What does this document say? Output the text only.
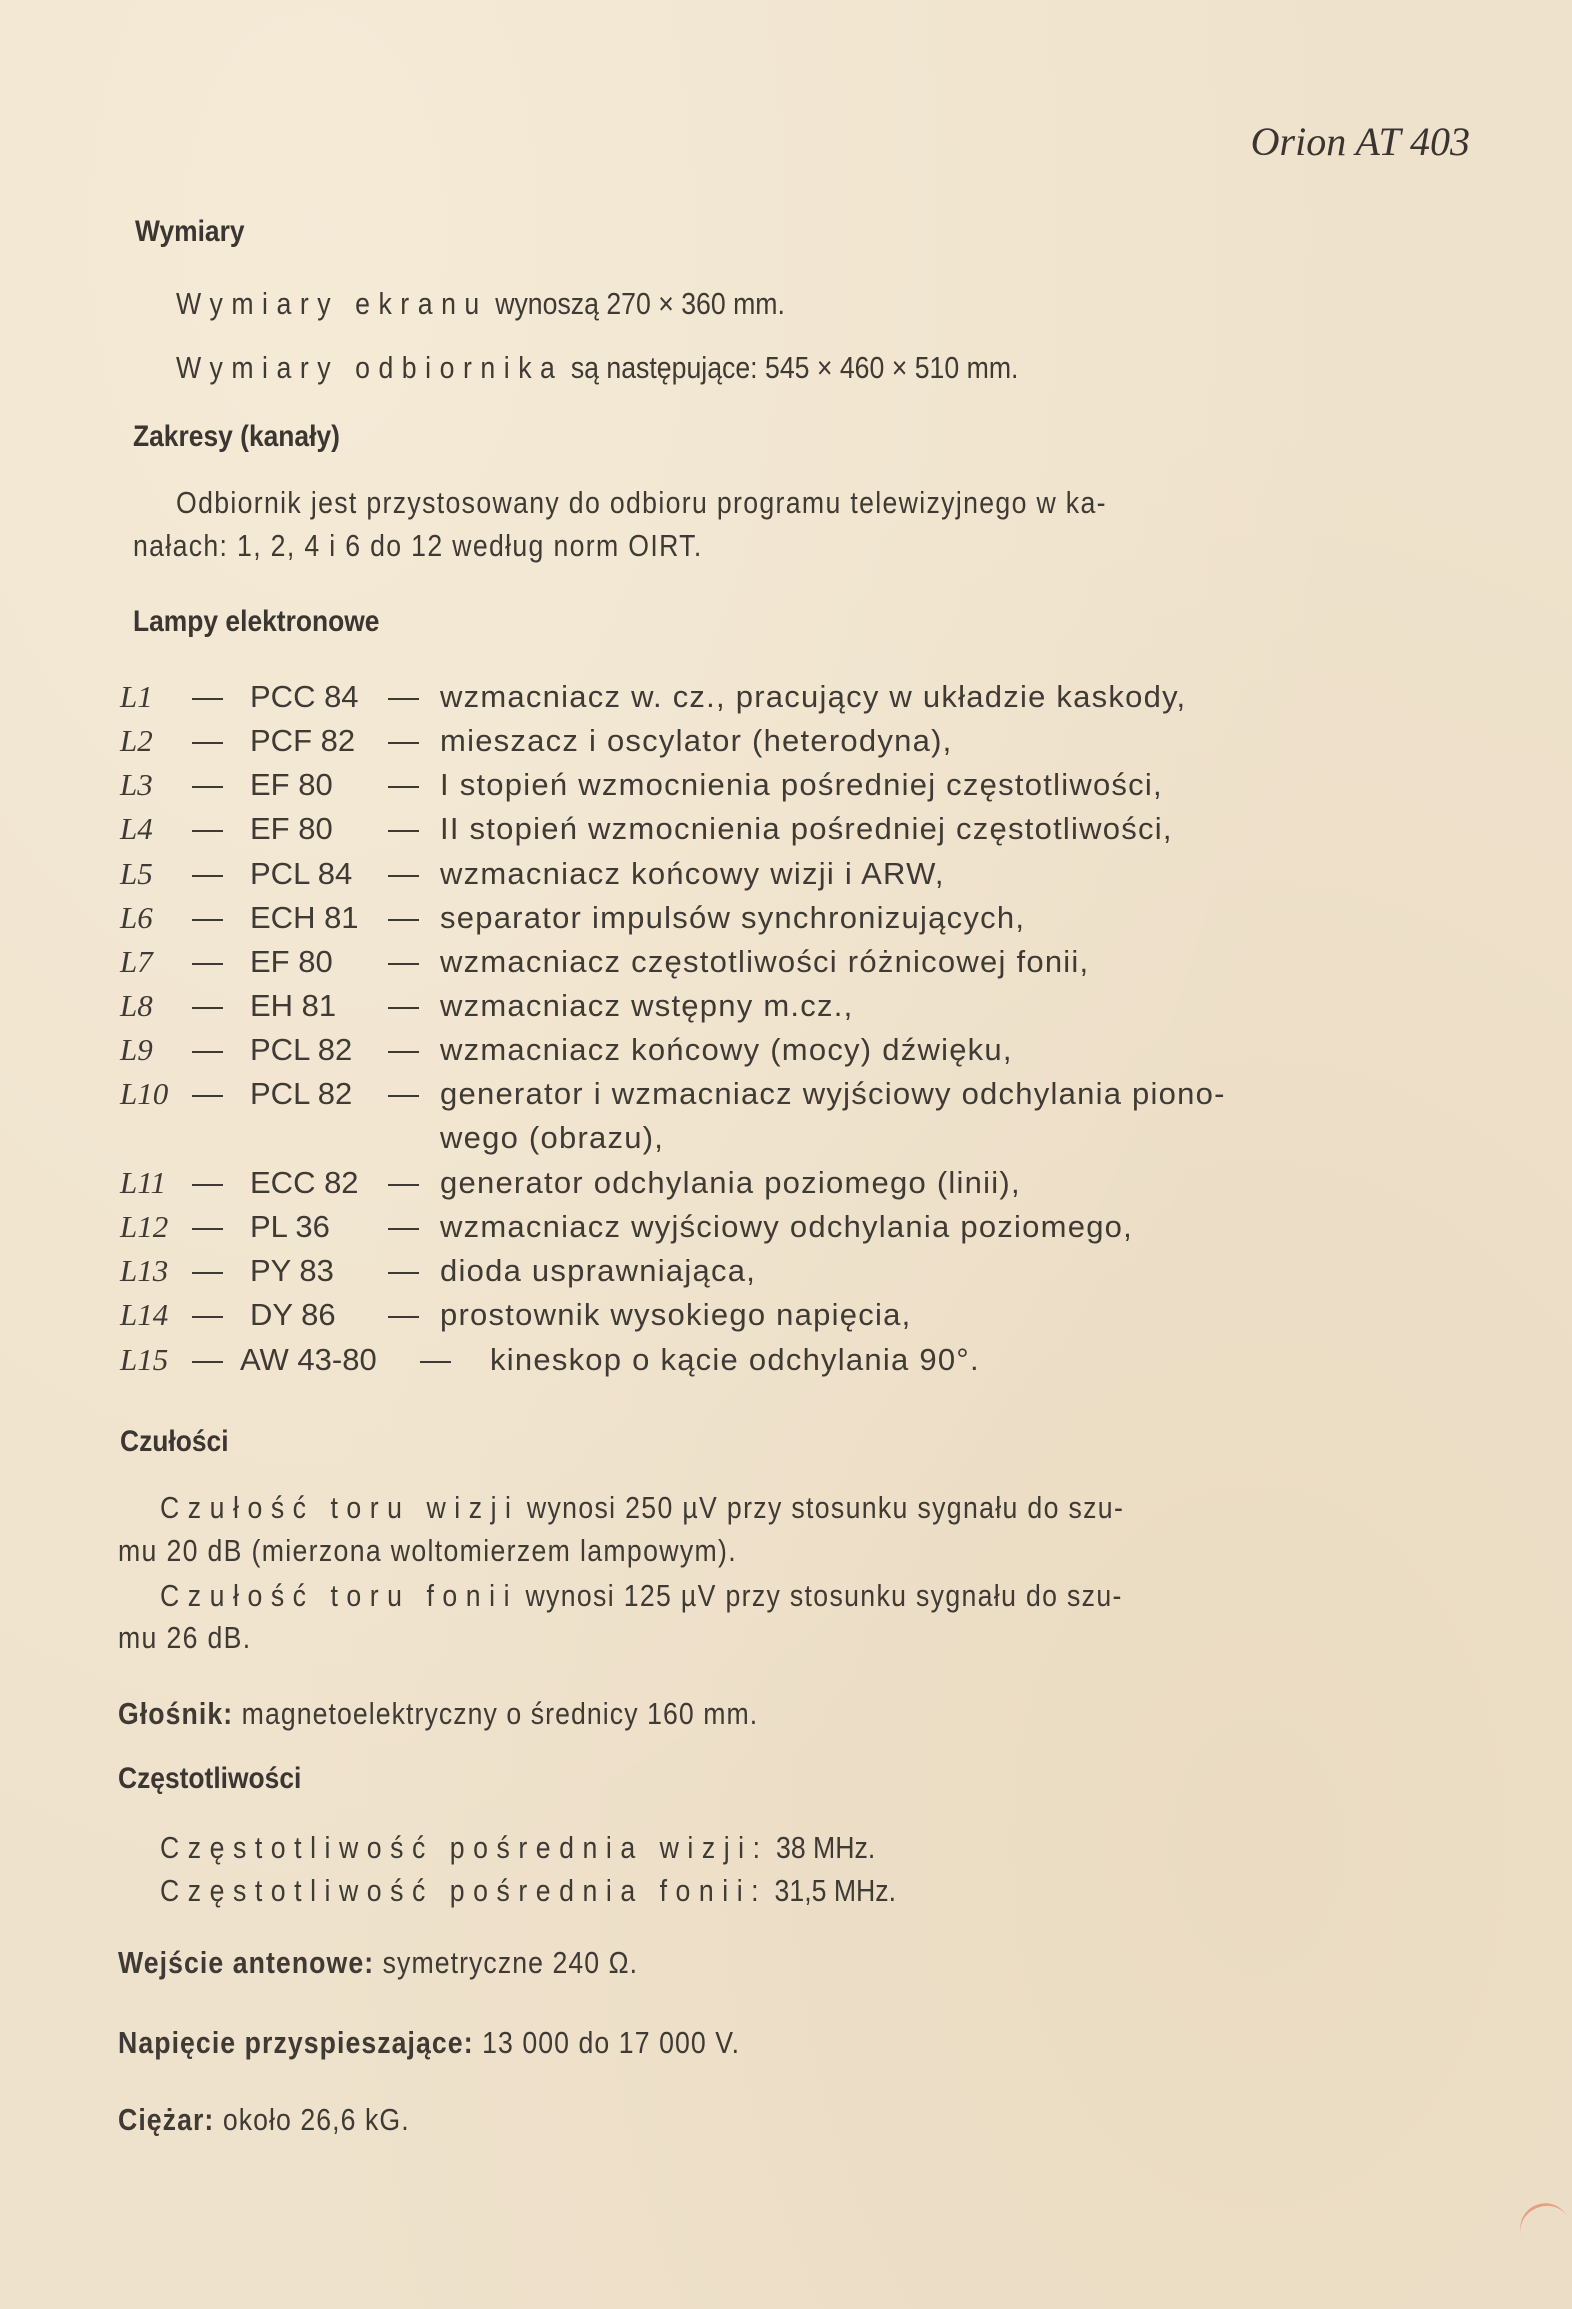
Orion AT 403
Wymiary
Wymiary ekranu wynoszą 270 × 360 mm.
Wymiary odbiornika są następujące: 545 × 460 × 510 mm.
Zakresy (kanały)
Odbiornik jest przystosowany do odbioru programu telewizyjnego w ka-
nałach: 1, 2, 4 i 6 do 12 według norm OIRT.
Lampy elektronowe
L1 — PCC 84 — wzmacniacz w. cz., pracujący w układzie kaskody,
L2 — PCF 82 — mieszacz i oscylator (heterodyna),
L3 — EF 80 — I stopień wzmocnienia pośredniej częstotliwości,
L4 — EF 80 — II stopień wzmocnienia pośredniej częstotliwości,
L5 — PCL 84 — wzmacniacz końcowy wizji i ARW,
L6 — ECH 81 — separator impulsów synchronizujących,
L7 — EF 80 — wzmacniacz częstotliwości różnicowej fonii,
L8 — EH 81 — wzmacniacz wstępny m.cz.,
L9 — PCL 82 — wzmacniacz końcowy (mocy) dźwięku,
L10 — PCL 82 — generator i wzmacniacz wyjściowy odchylania piono-
wego (obrazu),
L11 — ECC 82 — generator odchylania poziomego (linii),
L12 — PL 36 — wzmacniacz wyjściowy odchylania poziomego,
L13 — PY 83 — dioda usprawniająca,
L14 — DY 86 — prostownik wysokiego napięcia,
L15 — AW 43-80 — kineskop o kącie odchylania 90°.
Czułości
Czułość toru wizji wynosi 250 µV przy stosunku sygnału do szu-
mu 20 dB (mierzona woltomierzem lampowym).
Czułość toru fonii wynosi 125 µV przy stosunku sygnału do szu-
mu 26 dB.
Głośnik: magnetoelektryczny o średnicy 160 mm.
Częstotliwości
Częstotliwość pośrednia wizji: 38 MHz.
Częstotliwość pośrednia fonii: 31,5 MHz.
Wejście antenowe: symetryczne 240 Ω.
Napięcie przyspieszające: 13 000 do 17 000 V.
Ciężar: około 26,6 kG.
